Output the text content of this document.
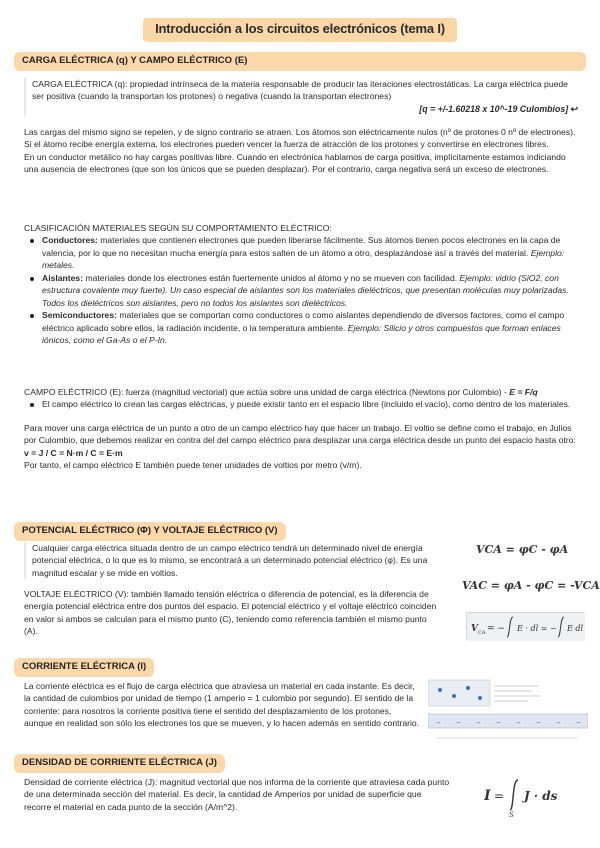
Introducción a los circuitos electrónicos (tema I)
CARGA ELÉCTRICA (q) Y CAMPO ELÉCTRICO (E)

CARGA ELÉCTRICA (q): propiedad intrínseca de la materia responsable de producir las iteraciones electrostáticas. La carga eléctrica puede ser positiva (cuando la transportan los protones) o negativa (cuando la transportan electrones)

[q = +/-1.60218 x 10^-19 Culombios] ↩

Las cargas del mismo signo se repelen, y de signo contrario se atraen. Los átomos son eléctricamente nulos (nº de protones 0 nº de electrones). Si el átomo recibe energía externa, los electrones pueden vencer la fuerza de atracción de los protones y convertirse en electrones libres.

En un conductor metálico no hay cargas positivas libre. Cuando en electrónica hablamos de carga positiva, implícitamente estamos indiciando una ausencia de electrones (que son los únicos que se pueden desplazar). Por el contrario, carga negativa será un exceso de electrones.

CLASIFICACIÓN MATERIALES SEGÚN SU COMPORTAMIENTO ELÉCTRICO:

Conductores: materiales que contienen electrones que pueden liberarse fácilmente. Sus átomos tienen pocos electrones en la capa de valencia, por lo que no necesitan mucha energía para estos salten de un átomo a otro, desplazándose así a través del material. Ejemplo: metales.
Aislantes: materiales donde los electrones están fuertemente unidos al átomo y no se mueven con facilidad. Ejemplo: vidrio (SiO2, con estructura covalente muy fuerte). Un caso especial de aislantes son los materiales dieléctricos, que presentan moléculas muy polarizadas. Todos los dieléctricos son aislantes, pero no todos los aislantes son dieléctricos.
Semiconductores: materiales que se comportan como conductores o como aislantes dependiendo de diversos factores, como el campo eléctrico aplicado sobre ellos, la radiación incidente, o la temperatura ambiente. Ejemplo: Silicio y otros compuestos que forman enlaces iónicos, como el Ga-As o el P-In.

CAMPO ELÉCTRICO (E): fuerza (magnitud vectorial) que actúa sobre una unidad de carga eléctrica (Newtons por Culombio) - E = F/q

El campo eléctrico lo crean las cargas eléctricas, y puede existir tanto en el espacio libre (incluido el vacío), como dentro de los materiales.

Para mover una carga eléctrica de un punto a otro de un campo eléctrico hay que hacer un trabajo. El voltio se define como el trabajo, en Julios por Culombio, que debemos realizar en contra del del campo eléctrico para desplazar una carga eléctrica desde un punto del espacio hasta otro: v = J / C = N·m / C = E·m

Por tanto, el campo eléctrico E también puede tener unidades de voltios por metro (v/m).

POTENCIAL ELÉCTRICO (Φ) Y VOLTAJE ELÉCTRICO (V)

Cualquier carga eléctrica situada dentro de un campo eléctrico tendrá un determinado nivel de energía potencial eléctrica, o lo que es lo mismo, se encontrará a un determinado potencial eléctrico (φ). Es una magnitud escalar y se mide en voltios.

VOLTAJE ELÉCTRICO (V): también llamado tensión eléctrica o diferencia de potencial, es la diferencia de energía potencial eléctrica entre dos puntos del espacio. El potencial eléctrico y el voltaje eléctrico coinciden en valor si ambos se calculan para el mismo punto (C), teniendo como referencia también el mismo punto (A).

VCA = φC - φA
VAC = φA - φC = -VCA
V CA = − E · dl = − E dl
CORRIENTE ELÉCTRICA (I)

La corriente eléctrica es el flujo de carga eléctrica que atraviesa un material en cada instante. Es decir, la cantidad de culombios por unidad de tiempo (1 amperio = 1 culombio por segundo). El sentido de la corriente: para nosotros la corriente positiva tiene el sentido del desplazamiento de los protones, aunque en realidad son sólo los electrones los que se mueven, y lo hacen además en sentido contrario.	− − − − − − − −
DENSIDAD DE CORRIENTE ELÉCTRICA (J)

Densidad de corriente eléctrica (J): magnitud vectorial que nos informa de la corriente que atraviesa cada punto de una determinada sección del material. Es decir, la cantidad de Amperios por unidad de superficie que recorre el material en cada punto de la sección (A/m^2).

I =
S
J · ds
